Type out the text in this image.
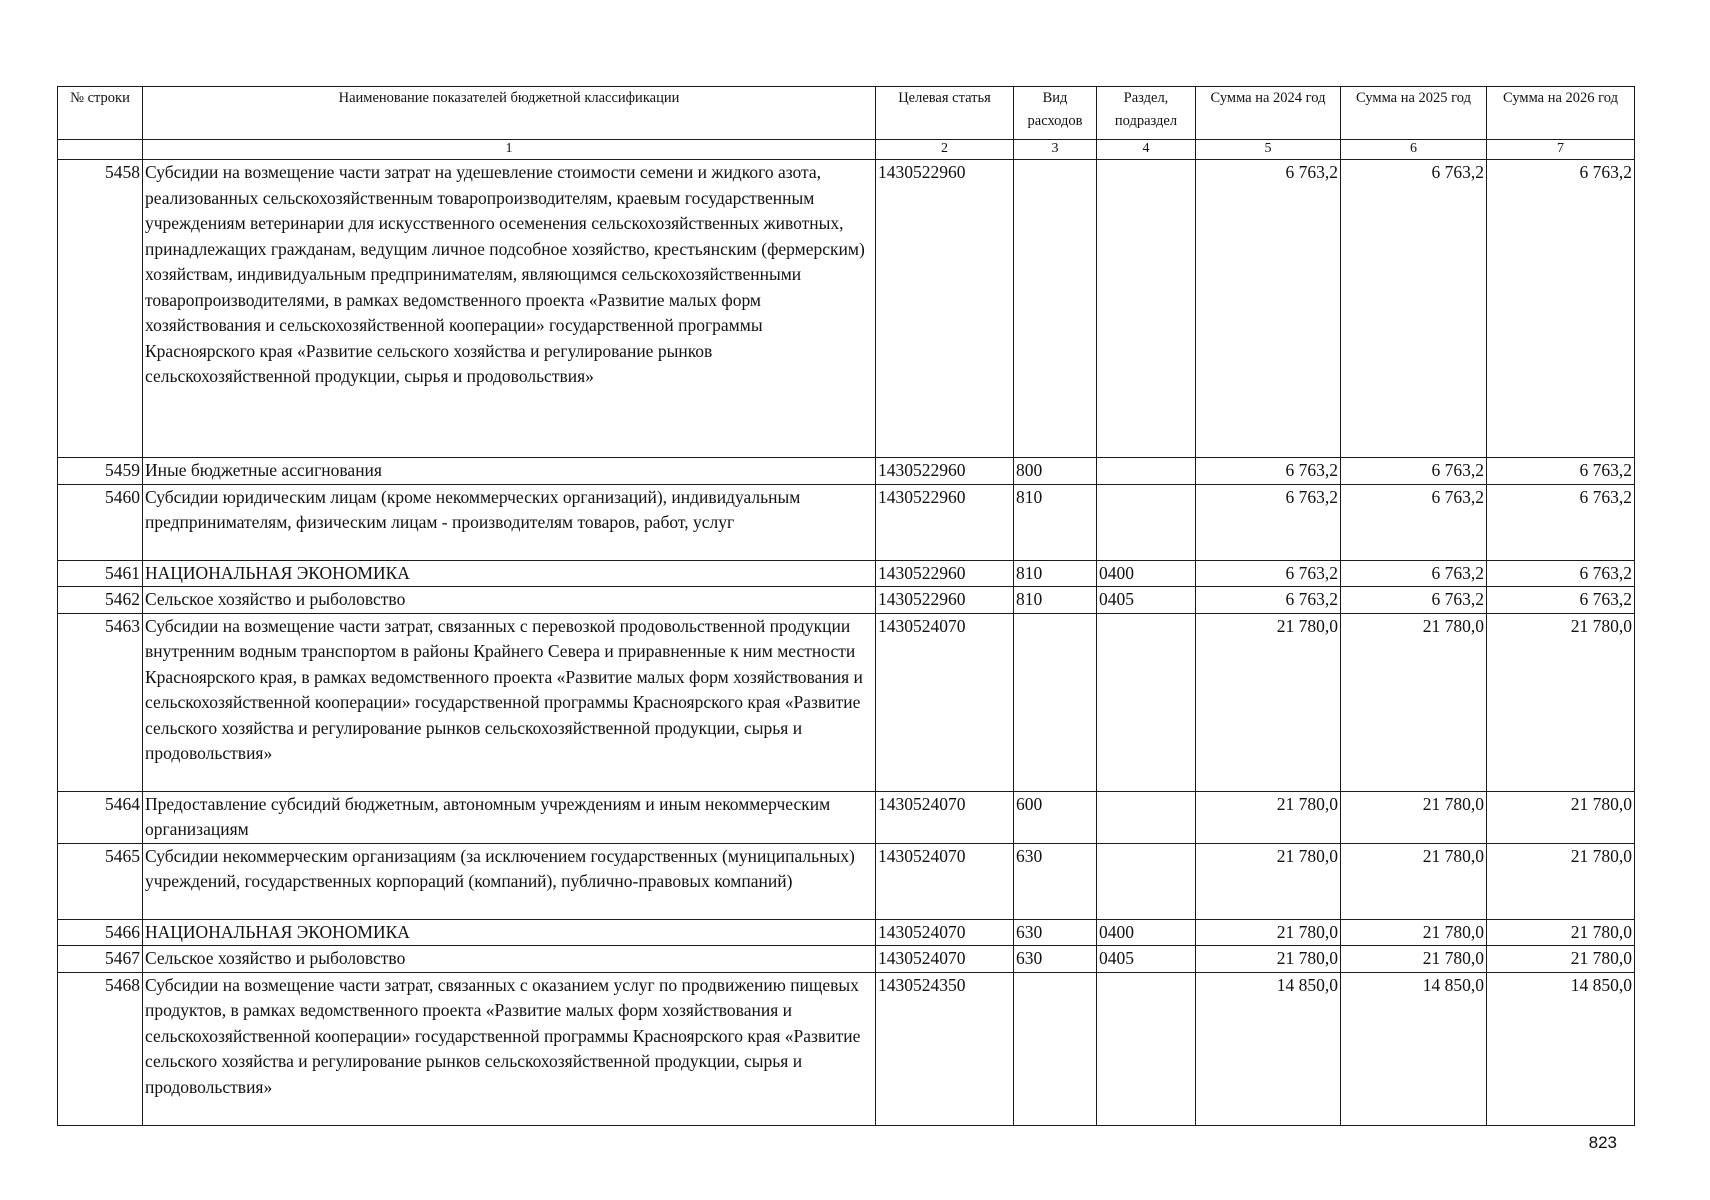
№ строки	Наименование показателей бюджетной классификации	Целевая статья	Вид расходов	Раздел, подраздел	Сумма на 2024 год	Сумма на 2025 год	Сумма на 2026 год
	1	2	3	4	5	6	7
5458	Субсидии на возмещение части затрат на удешевление стоимости семени и жидкого азота, реализованных сельскохозяйственным товаропроизводителям, краевым государственным учреждениям ветеринарии для искусственного осеменения сельскохозяйственных животных, принадлежащих гражданам, ведущим личное подсобное хозяйство, крестьянским (фермерским) хозяйствам, индивидуальным предпринимателям, являющимся сельскохозяйственными товаропроизводителями, в рамках ведомственного проекта «Развитие малых форм хозяйствования и сельскохозяйственной кооперации» государственной программы Красноярского края «Развитие сельского хозяйства и регулирование рынков сельскохозяйственной продукции, сырья и продовольствия»	1430522960			6 763,2	6 763,2	6 763,2
5459	Иные бюджетные ассигнования	1430522960	800		6 763,2	6 763,2	6 763,2
5460	Субсидии юридическим лицам (кроме некоммерческих организаций), индивидуальным предпринимателям, физическим лицам - производителям товаров, работ, услуг	1430522960	810		6 763,2	6 763,2	6 763,2
5461	НАЦИОНАЛЬНАЯ ЭКОНОМИКА	1430522960	810	0400	6 763,2	6 763,2	6 763,2
5462	Сельское хозяйство и рыболовство	1430522960	810	0405	6 763,2	6 763,2	6 763,2
5463	Субсидии на возмещение части затрат, связанных с перевозкой продовольственной продукции внутренним водным транспортом в районы Крайнего Севера и приравненные к ним местности Красноярского края, в рамках ведомственного проекта «Развитие малых форм хозяйствования и сельскохозяйственной кооперации» государственной программы Красноярского края «Развитие сельского хозяйства и регулирование рынков сельскохозяйственной продукции, сырья и продовольствия»	1430524070			21 780,0	21 780,0	21 780,0
5464	Предоставление субсидий бюджетным, автономным учреждениям и иным некоммерческим организациям	1430524070	600		21 780,0	21 780,0	21 780,0
5465	Субсидии некоммерческим организациям (за исключением государственных (муниципальных) учреждений, государственных корпораций (компаний), публично-правовых компаний)	1430524070	630		21 780,0	21 780,0	21 780,0
5466	НАЦИОНАЛЬНАЯ ЭКОНОМИКА	1430524070	630	0400	21 780,0	21 780,0	21 780,0
5467	Сельское хозяйство и рыболовство	1430524070	630	0405	21 780,0	21 780,0	21 780,0
5468	Субсидии на возмещение части затрат, связанных с оказанием услуг по продвижению пищевых продуктов, в рамках ведомственного проекта «Развитие малых форм хозяйствования и сельскохозяйственной кооперации» государственной программы Красноярского края «Развитие сельского хозяйства и регулирование рынков сельскохозяйственной продукции, сырья и продовольствия»	1430524350			14 850,0	14 850,0	14 850,0
823
